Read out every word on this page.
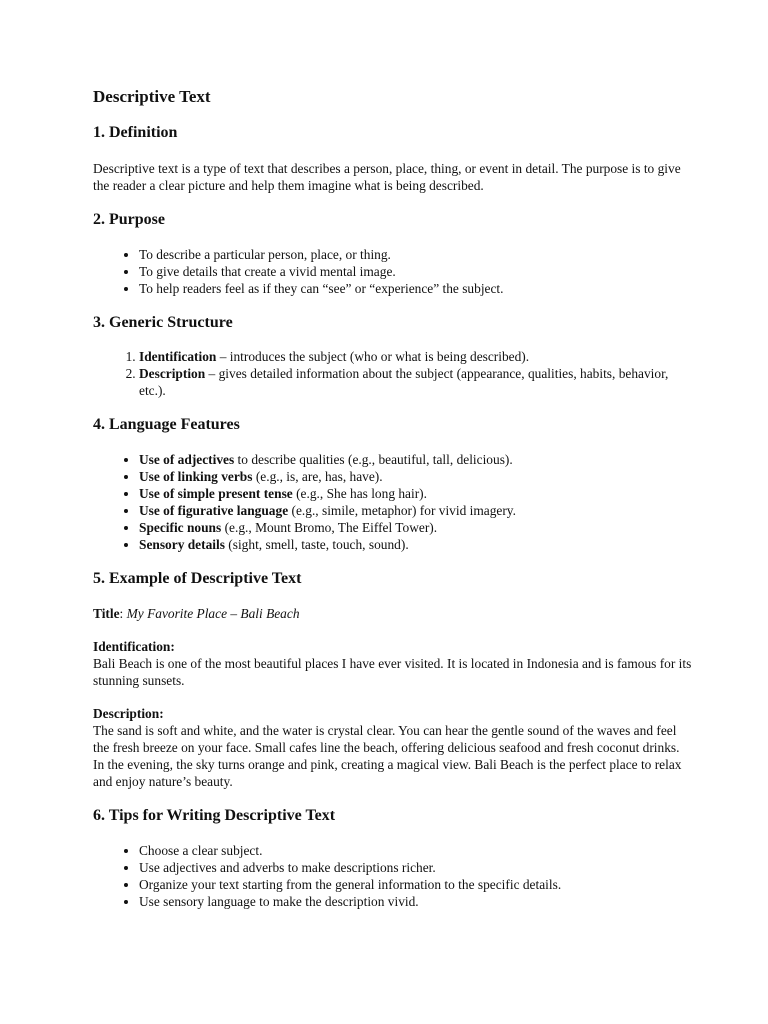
Descriptive Text
1. Definition

Descriptive text is a type of text that describes a person, place, thing, or event in detail. The purpose is to give the reader a clear picture and help them imagine what is being described.

2. Purpose
• To describe a particular person, place, or thing.
• To give details that create a vivid mental image.
• To help readers feel as if they can “see” or “experience” the subject.
3. Generic Structure
1. Identification – introduces the subject (who or what is being described).
2. Description – gives detailed information about the subject (appearance, qualities, habits, behavior, etc.).
4. Language Features
• Use of adjectives to describe qualities (e.g., beautiful, tall, delicious).
• Use of linking verbs (e.g., is, are, has, have).
• Use of simple present tense (e.g., She has long hair).
• Use of figurative language (e.g., simile, metaphor) for vivid imagery.
• Specific nouns (e.g., Mount Bromo, The Eiffel Tower).
• Sensory details (sight, smell, taste, touch, sound).
5. Example of Descriptive Text

Title: My Favorite Place – Bali Beach

Identification:

Bali Beach is one of the most beautiful places I have ever visited. It is located in Indonesia and is famous for its stunning sunsets.

Description:

The sand is soft and white, and the water is crystal clear. You can hear the gentle sound of the waves and feel the fresh breeze on your face. Small cafes line the beach, offering delicious seafood and fresh coconut drinks. In the evening, the sky turns orange and pink, creating a magical view. Bali Beach is the perfect place to relax and enjoy nature’s beauty.

6. Tips for Writing Descriptive Text
• Choose a clear subject.
• Use adjectives and adverbs to make descriptions richer.
• Organize your text starting from the general information to the specific details.
• Use sensory language to make the description vivid.
